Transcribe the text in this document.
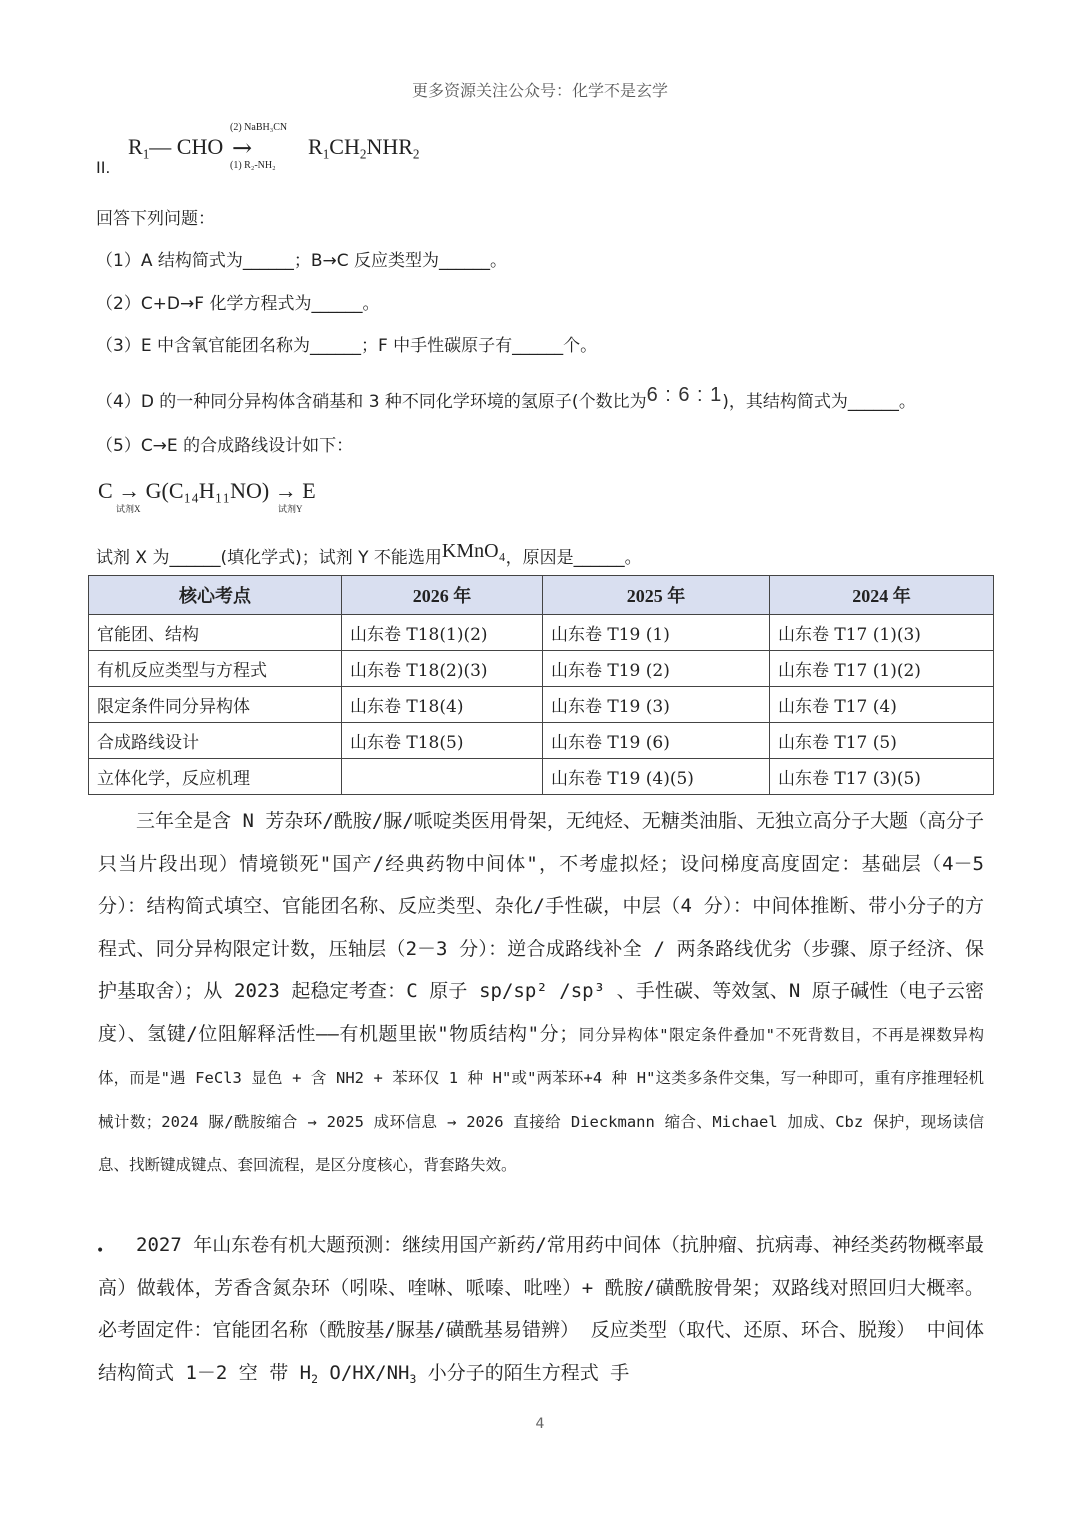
更多资源关注公众号：化学不是玄学
II.
$R_1—$ CHO
(2) NaBH₃CN
→
(1) R₂-NH₂
$R_1CH_2NHR_2$
回答下列问题：
（1）A 结构简式为______；B→C 反应类型为______。
（2）C+D→F 化学方程式为______。
（3）E 中含氧官能团名称为______；F 中手性碳原子有______个。
（4）D 的一种同分异构体含硝基和 3 种不同化学环境的氢原子(个数比为6 : 6 : 1)，其结构简式为______。
（5）C→E 的合成路线设计如下：
C → G(C₁₄H₁₁NO) → E
试剂X	试剂Y
试剂 X 为______(填化学式)；试剂 Y 不能选用KMnO₄，原因是______。
核心考点	2026 年	2025 年	2024 年
官能团、结构	山东卷 T18(1)(2)	山东卷 T19 (1)	山东卷 T17 (1)(3)
有机反应类型与方程式	山东卷 T18(2)(3)	山东卷 T19 (2)	山东卷 T17 (1)(2)
限定条件同分异构体	山东卷 T18(4)	山东卷 T19 (3)	山东卷 T17 (4)
合成路线设计	山东卷 T18(5)	山东卷 T19 (6)	山东卷 T17 (5)
立体化学，反应机理		山东卷 T19 (4)(5)	山东卷 T17 (3)(5)

三年全是含 N 芳杂环/酰胺/脲/哌啶类医用骨架，无纯烃、无糖类油脂、无独立高分子大题（高分子只当片段出现）情境锁死"国产/经典药物中间体"，不考虚拟烃；设问梯度高度固定：基础层（4－5 分）：结构简式填空、官能团名称、反应类型、杂化/手性碳，中层（4 分）：中间体推断、带小分子的方程式、同分异构限定计数，压轴层（2－3 分）：逆合成路线补全 / 两条路线优劣（步骤、原子经济、保护基取舍）；从 2023 起稳定考查：C 原子 sp/sp² /sp³ 、手性碳、等效氢、N 原子碱性（电子云密度）、氢键/位阻解释活性——有机题里嵌"物质结构"分；同分异构体"限定条件叠加"不死背数目，不再是裸数异构体，而是"遇 FeCl3 显色 + 含 NH2 + 苯环仅 1 种 H"或"两苯环+4 种 H"这类多条件交集，写一种即可，重有序推理轻机械计数；2024 脲/酰胺缩合 → 2025 成环信息 → 2026 直接给 Dieckmann 缩合、Michael 加成、Cbz 保护，现场读信息、找断键成键点、套回流程，是区分度核心，背套路失效。

•	2027 年山东卷有机大题预测：继续用国产新药/常用药中间体（抗肿瘤、抗病毒、神经类药物概率最高）做载体，芳香含氮杂环（吲哚、喹啉、哌嗪、吡唑）+ 酰胺/磺酰胺骨架；双路线对照回归大概率。必考固定件：官能团名称（酰胺基/脲基/磺酰基易错辨） 反应类型（取代、还原、环合、脱羧） 中间体结构简式 1－2 空 带 $H_2$ $O/HX/NH_3$ 小分子的陌生方程式 手

4
